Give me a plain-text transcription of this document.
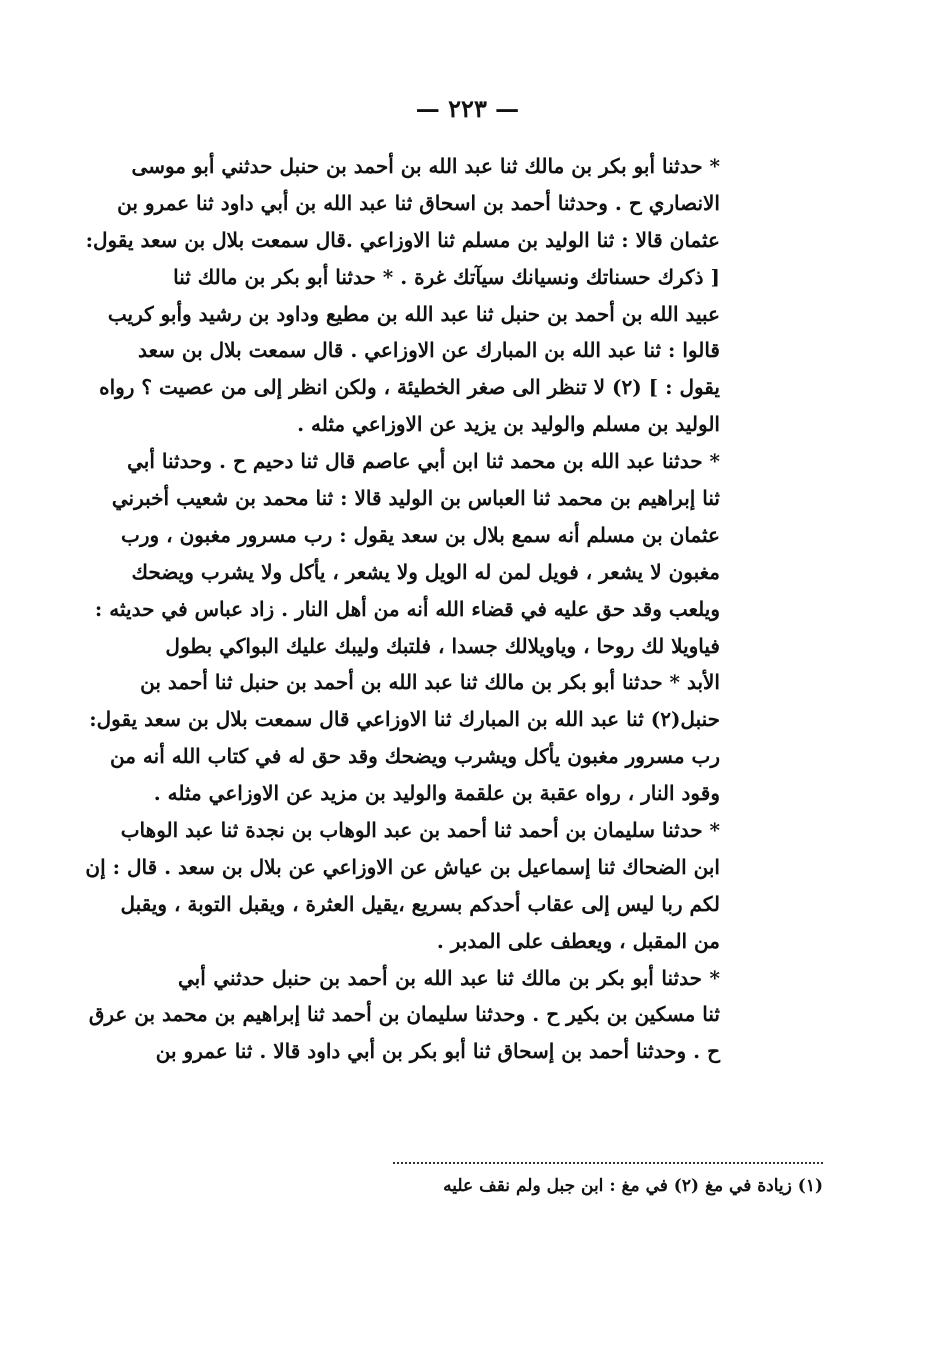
— ٢٢٣ —
* حدثنا أبو بكر بن مالك ثنا عبد الله بن أحمد بن حنبل حدثني أبو موسى
الانصاري ح . وحدثنا أحمد بن اسحاق ثنا عبد الله بن أبي داود ثنا عمرو بن
عثمان قالا : ثنا الوليد بن مسلم ثنا الاوزاعي .قال سمعت بلال بن سعد يقول:
[ ذكرك حسناتك ونسيانك سيآتك غرة . * حدثنا أبو بكر بن مالك ثنا
عبيد الله بن أحمد بن حنبل ثنا عبد الله بن مطيع وداود بن رشيد وأبو كريب
قالوا : ثنا عبد الله بن المبارك عن الاوزاعي . قال سمعت بلال بن سعد
يقول : ] (٢) لا تنظر الى صغر الخطيئة ، ولكن انظر إلى من عصيت ؟ رواه
الوليد بن مسلم والوليد بن يزيد عن الاوزاعي مثله .
* حدثنا عبد الله بن محمد ثنا ابن أبي عاصم قال ثنا دحيم ح . وحدثنا أبي
ثنا إبراهيم بن محمد ثنا العباس بن الوليد قالا : ثنا محمد بن شعيب أخبرني
عثمان بن مسلم أنه سمع بلال بن سعد يقول : رب مسرور مغبون ، ورب
مغبون لا يشعر ، فويل لمن له الويل ولا يشعر ، يأكل ولا يشرب ويضحك
ويلعب وقد حق عليه في قضاء الله أنه من أهل النار . زاد عباس في حديثه :
فياويلا لك روحا ، وياويلالك جسدا ، فلتبك وليبك عليك البواكي بطول
الأبد * حدثنا أبو بكر بن مالك ثنا عبد الله بن أحمد بن حنبل ثنا أحمد بن
حنبل(٢) ثنا عبد الله بن المبارك ثنا الاوزاعي قال سمعت بلال بن سعد يقول:
رب مسرور مغبون يأكل ويشرب ويضحك وقد حق له في كتاب الله أنه من
وقود النار ، رواه عقبة بن علقمة والوليد بن مزيد عن الاوزاعي مثله .
* حدثنا سليمان بن أحمد ثنا أحمد بن عبد الوهاب بن نجدة ثنا عبد الوهاب
ابن الضحاك ثنا إسماعيل بن عياش عن الاوزاعي عن بلال بن سعد . قال : إن
لكم ربا ليس إلى عقاب أحدكم بسريع ،يقيل العثرة ، ويقبل التوبة ، ويقبل
من المقبل ، ويعطف على المدبر .
* حدثنا أبو بكر بن مالك ثنا عبد الله بن أحمد بن حنبل حدثني أبي
ثنا مسكين بن بكير ح . وحدثنا سليمان بن أحمد ثنا إبراهيم بن محمد بن عرق
ح . وحدثنا أحمد بن إسحاق ثنا أبو بكر بن أبي داود قالا . ثنا عمرو بن
(١) زيادة في مغ (٢) في مغ : ابن جبل ولم نقف عليه
